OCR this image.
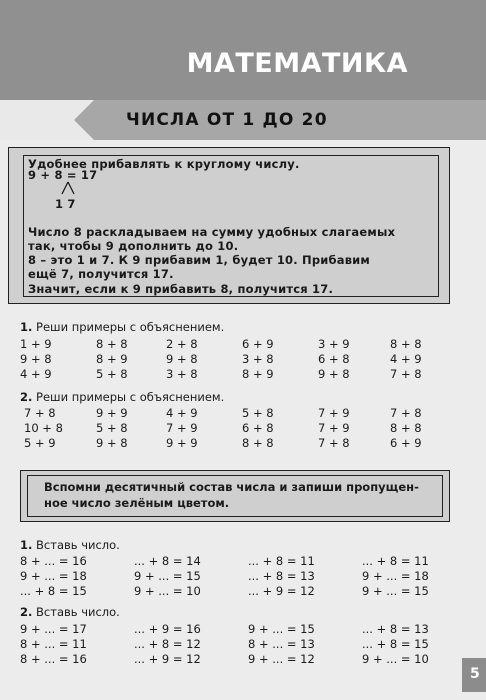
МАТЕМАТИКА
ЧИСЛА ОТ 1 ДО 20
Удобнее прибавлять к круглому числу.
9 + 8 = 17
1 7
Число 8 раскладываем на сумму удобных слагаемых
так, чтобы 9 дополнить до 10.
8 – это 1 и 7. К 9 прибавим 1, будет 10. Прибавим
ещё 7, получится 17.
Значит, если к 9 прибавить 8, получится 17.
1. Реши примеры с объяснением.
1 + 9
9 + 8
4 + 9
8 + 8
8 + 9
5 + 8
2 + 8
9 + 8
3 + 8
6 + 9
3 + 8
8 + 9
3 + 9
6 + 8
9 + 8
8 + 8
4 + 9
7 + 8
2. Реши примеры с объяснением.
7 + 8
10 + 8
5 + 9
9 + 9
5 + 8
9 + 8
4 + 9
7 + 9
9 + 9
5 + 8
6 + 8
8 + 8
7 + 9
7 + 9
7 + 8
7 + 8
8 + 8
6 + 9
Вспомни десятичный состав числа и запиши пропущен-
ное число зелёным цветом.
1. Вставь число.
8 + ... = 16
9 + ... = 18
... + 8 = 15
... + 8 = 14
9 + ... = 15
9 + ... = 10
... + 8 = 11
... + 8 = 13
... + 9 = 12
... + 8 = 11
9 + ... = 18
9 + ... = 15
2. Вставь число.
9 + ... = 17
8 + ... = 11
8 + ... = 16
... + 9 = 16
... + 8 = 12
... + 9 = 12
9 + ... = 15
8 + ... = 13
9 + ... = 12
... + 8 = 13
... + 8 = 15
9 + ... = 10
5
